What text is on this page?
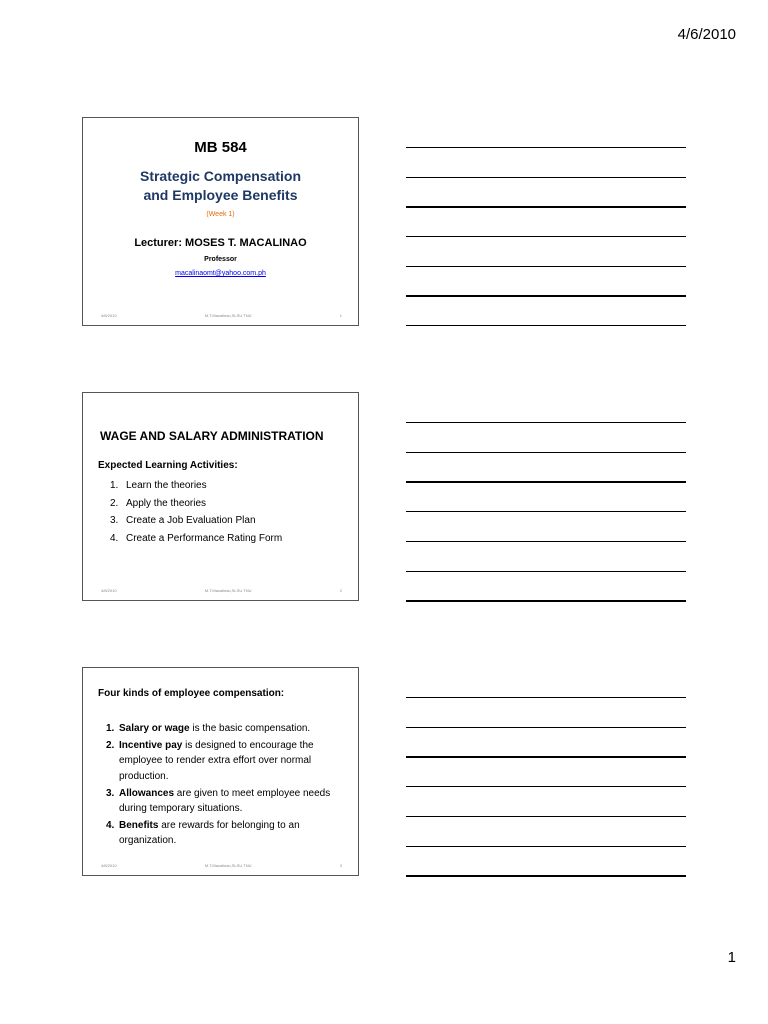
4/6/2010
MB 584
Strategic Compensation
and Employee Benefits
(Week 1)
Lecturer: MOSES T. MACALINAO
Professor
macalinaomt@yahoo.com.ph
4/6/2010	M.T.Macalinao,SLSU TNU	1
WAGE AND SALARY ADMINISTRATION
Expected Learning Activities:
1. Learn the theories
2. Apply the theories
3. Create a Job Evaluation Plan
4. Create a Performance Rating Form
4/6/2010	M.T.Macalinao,SLSU TNU	2
Four kinds of employee compensation:
1. Salary or wage is the basic compensation.
2. Incentive pay is designed to encourage the employee to render extra effort over normal production.
3. Allowances are given to meet employee needs during temporary situations.
4. Benefits are rewards for belonging to an organization.
4/6/2010	M.T.Macalinao,SLSU TNU	3
1
